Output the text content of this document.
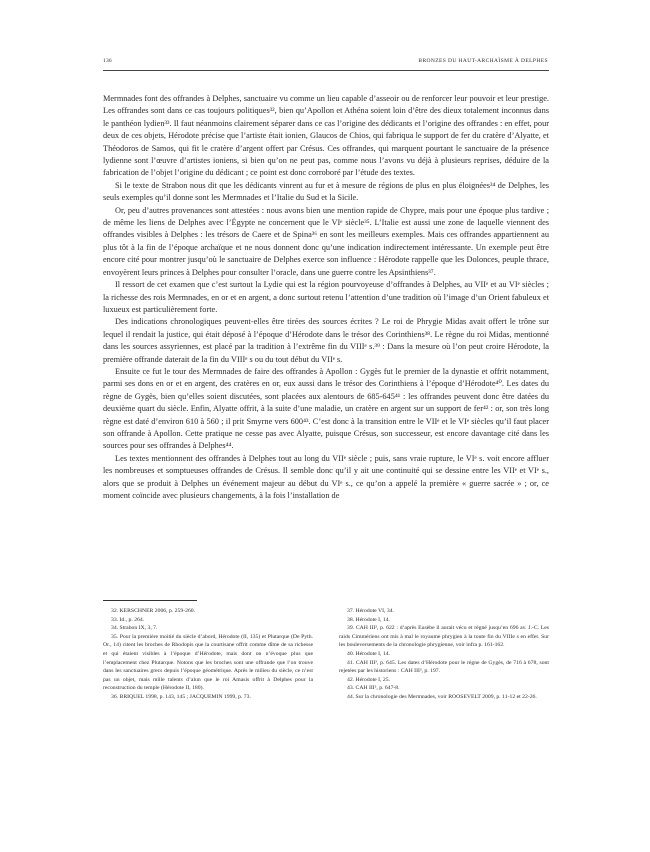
136	BRONZES DU HAUT-ARCHAÏSME À DELPHES

Mermnades font des offrandes à Delphes, sanctuaire vu comme un lieu capable d’asseoir ou de renforcer leur pouvoir et leur prestige. Les offrandes sont dans ce cas toujours politiques³², bien qu’Apollon et Athéna soient loin d’être des dieux totalement inconnus dans le panthéon lydien³³. Il faut néanmoins clairement séparer dans ce cas l’origine des dédicants et l’origine des offrandes : en effet, pour deux de ces objets, Hérodote précise que l’artiste était ionien, Glaucos de Chios, qui fabriqua le support de fer du cratère d’Alyatte, et Théodoros de Samos, qui fit le cratère d’argent offert par Crésus. Ces offrandes, qui marquent pourtant le sanctuaire de la présence lydienne sont l’œuvre d’artistes ioniens, si bien qu’on ne peut pas, comme nous l’avons vu déjà à plusieurs reprises, déduire de la fabrication de l’objet l’origine du dédicant ; ce point est donc corroboré par l’étude des textes.

Si le texte de Strabon nous dit que les dédicants vinrent au fur et à mesure de régions de plus en plus éloignées³⁴ de Delphes, les seuls exemples qu’il donne sont les Mermnades et l’Italie du Sud et la Sicile.

Or, peu d’autres provenances sont attestées : nous avons bien une mention rapide de Chypre, mais pour une époque plus tardive ; de même les liens de Delphes avec l’Égypte ne concernent que le VIᵉ siècle³⁵. L’Italie est aussi une zone de laquelle viennent des offrandes visibles à Delphes : les trésors de Caere et de Spina³⁶ en sont les meilleurs exemples. Mais ces offrandes appartiennent au plus tôt à la fin de l’époque archaïque et ne nous donnent donc qu’une indication indirectement intéressante. Un exemple peut être encore cité pour montrer jusqu’où le sanctuaire de Delphes exerce son influence : Hérodote rappelle que les Dolonces, peuple thrace, envoyèrent leurs princes à Delphes pour consulter l’oracle, dans une guerre contre les Apsinthiens³⁷.

Il ressort de cet examen que c’est surtout la Lydie qui est la région pourvoyeuse d’offrandes à Delphes, au VIIᵉ et au VIᵉ siècles ; la richesse des rois Mermnades, en or et en argent, a donc surtout retenu l’attention d’une tradition où l’image d’un Orient fabuleux et luxueux est particulièrement forte.

Des indications chronologiques peuvent-elles être tirées des sources écrites ? Le roi de Phrygie Midas avait offert le trône sur lequel il rendait la justice, qui était déposé à l’époque d’Hérodote dans le trésor des Corinthiens³⁸. Le règne du roi Midas, mentionné dans les sources assyriennes, est placé par la tradition à l’extrême fin du VIIIᵉ s.³⁹ : Dans la mesure où l’on peut croire Hérodote, la première offrande daterait de la fin du VIIIᵉ s ou du tout début du VIIᵉ s.

Ensuite ce fut le tour des Mermnades de faire des offrandes à Apollon : Gygès fut le premier de la dynastie et offrit notamment, parmi ses dons en or et en argent, des cratères en or, eux aussi dans le trésor des Corinthiens à l’époque d’Hérodote⁴⁰. Les dates du règne de Gygès, bien qu’elles soient discutées, sont placées aux alentours de 685-645⁴¹ : les offrandes peuvent donc être datées du deuxième quart du siècle. Enfin, Alyatte offrit, à la suite d’une maladie, un cratère en argent sur un support de fer⁴² : or, son très long règne est daté d’environ 610 à 560 ; il prit Smyrne vers 600⁴³. C’est donc à la transition entre le VIIᵉ et le VIᵉ siècles qu’il faut placer son offrande à Apollon. Cette pratique ne cesse pas avec Alyatte, puisque Crésus, son successeur, est encore davantage cité dans les sources pour ses offrandes à Delphes⁴⁴.

Les textes mentionnent des offrandes à Delphes tout au long du VIIᵉ siècle ; puis, sans vraie rupture, le VIᵉ s. voit encore affluer les nombreuses et somptueuses offrandes de Crésus. Il semble donc qu’il y ait une continuité qui se dessine entre les VIIᵉ et VIᵉ s., alors que se produit à Delphes un événement majeur au début du VIᵉ s., ce qu’on a appelé la première « guerre sacrée » ; or, ce moment coïncide avec plusieurs changements, à la fois l’installation de

32. KERSCHNER 2006, p. 259-260.

33. Id., p. 264.

34. Strabon IX, 3, 7.

35. Pour la première moitié du siècle d’abord, Hérodote (II, 135) et Plutarque (De Pyth. Or., 14) citent les broches de Rhodopis que la courtisane offrit comme dîme de sa richesse et qui étaient visibles à l’époque d’Hérodote, mais dont on n’évoque plus que l’emplacement chez Plutarque. Notons que les broches sont une offrande que l’on trouve dans les sanctuaires grecs depuis l’époque géométrique. Après le milieu du siècle, ce n’est pas un objet, mais mille talents d’alun que le roi Amasis offrit à Delphes pour la reconstruction du temple (Hérodote II, 180).

36. BRIQUEL 1998, p. 143, 145 ; JACQUEMIN 1999, p. 73.

37. Hérodote VI, 34.

38. Hérodote I, 14.

39. CAH III², p. 622 : d’après Eusèbe il aurait vécu et régné jusqu’en 696 av. J.-C. Les raids Cimmériens ont mis à mal le royaume phrygien à la toute fin du VIIIe s en effet. Sur les bouleversements de la chronologie phrygienne, voir infra p. 161-162.

40. Hérodote I, 14.

41. CAH III², p. 645. Les dates d’Hérodote pour le règne de Gygès, de 716 à 678, sont rejetées par les historiens : CAH III², p. 197.

42. Hérodote I, 25.

43. CAH III², p. 647-8.

44. Sur la chronologie des Mermnades, voir ROOSEVELT 2009, p. 11-12 et 22-26.
